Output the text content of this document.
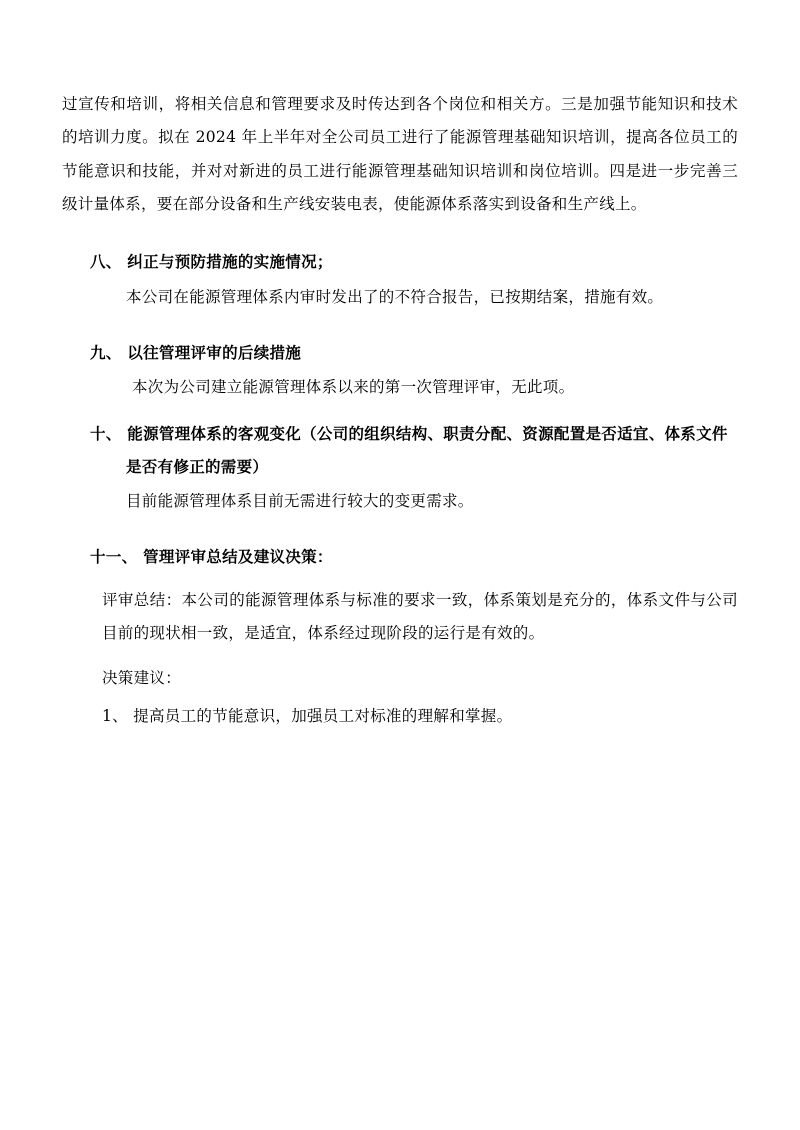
过宣传和培训，将相关信息和管理要求及时传达到各个岗位和相关方。三是加强节能知识和技术的培训力度。拟在 2024 年上半年对全公司员工进行了能源管理基础知识培训，提高各位员工的节能意识和技能，并对对新进的员工进行能源管理基础知识培训和岗位培训。四是进一步完善三级计量体系，要在部分设备和生产线安装电表，使能源体系落实到设备和生产线上。

八、 纠正与预防措施的实施情况；

本公司在能源管理体系内审时发出了的不符合报告，已按期结案，措施有效。

九、 以往管理评审的后续措施

本次为公司建立能源管理体系以来的第一次管理评审，无此项。

十、 能源管理体系的客观变化（公司的组织结构、职责分配、资源配置是否适宜、体系文件

是否有修正的需要）

目前能源管理体系目前无需进行较大的变更需求。

十一、 管理评审总结及建议决策：

评审总结：本公司的能源管理体系与标准的要求一致，体系策划是充分的，体系文件与公司目前的现状相一致，是适宜，体系经过现阶段的运行是有效的。

决策建议：

1、 提高员工的节能意识，加强员工对标准的理解和掌握。
